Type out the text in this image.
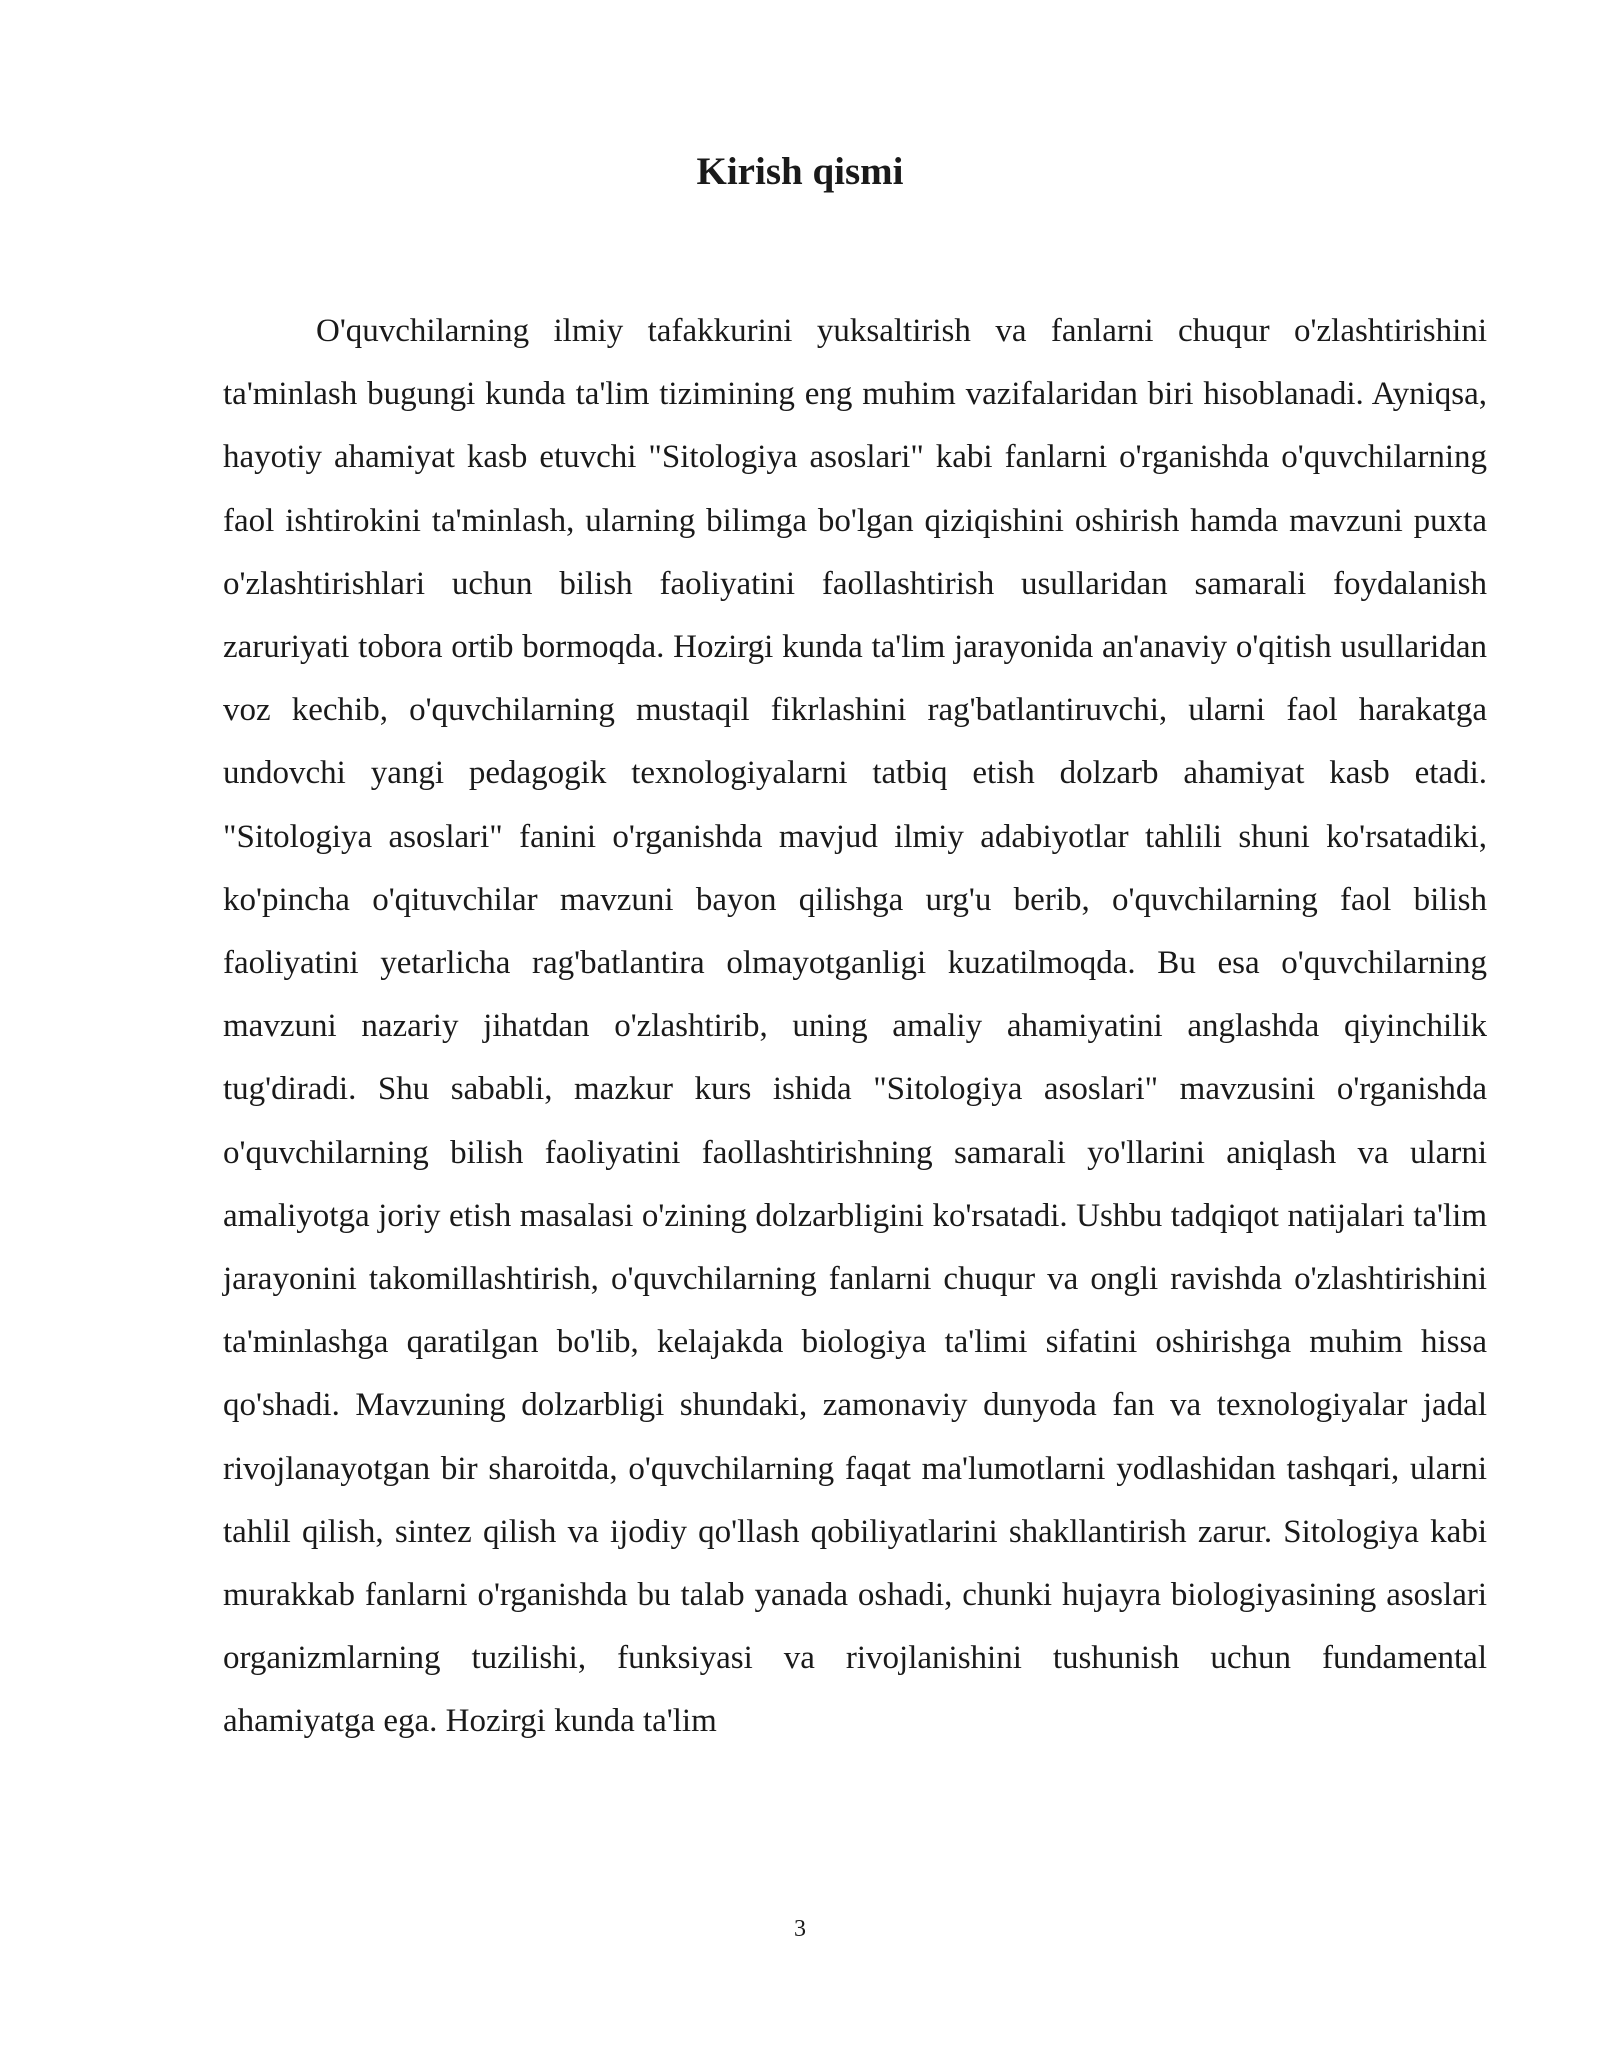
Kirish qismi

O'quvchilarning ilmiy tafakkurini yuksaltirish va fanlarni chuqur o'zlashtirishini ta'minlash bugungi kunda ta'lim tizimining eng muhim vazifalaridan biri hisoblanadi. Ayniqsa, hayotiy ahamiyat kasb etuvchi "Sitologiya asoslari" kabi fanlarni o'rganishda o'quvchilarning faol ishtirokini ta'minlash, ularning bilimga bo'lgan qiziqishini oshirish hamda mavzuni puxta o'zlashtirishlari uchun bilish faoliyatini faollashtirish usullaridan samarali foydalanish zaruriyati tobora ortib bormoqda. Hozirgi kunda ta'lim jarayonida an'anaviy o'qitish usullaridan voz kechib, o'quvchilarning mustaqil fikrlashini rag'batlantiruvchi, ularni faol harakatga undovchi yangi pedagogik texnologiyalarni tatbiq etish dolzarb ahamiyat kasb etadi. "Sitologiya asoslari" fanini o'rganishda mavjud ilmiy adabiyotlar tahlili shuni ko'rsatadiki, ko'pincha o'qituvchilar mavzuni bayon qilishga urg'u berib, o'quvchilarning faol bilish faoliyatini yetarlicha rag'batlantira olmayotganligi kuzatilmoqda. Bu esa o'quvchilarning mavzuni nazariy jihatdan o'zlashtirib, uning amaliy ahamiyatini anglashda qiyinchilik tug'diradi. Shu sababli, mazkur kurs ishida "Sitologiya asoslari" mavzusini o'rganishda o'quvchilarning bilish faoliyatini faollashtirishning samarali yo'llarini aniqlash va ularni amaliyotga joriy etish masalasi o'zining dolzarbligini ko'rsatadi. Ushbu tadqiqot natijalari ta'lim jarayonini takomillashtirish, o'quvchilarning fanlarni chuqur va ongli ravishda o'zlashtirishini ta'minlashga qaratilgan bo'lib, kelajakda biologiya ta'limi sifatini oshirishga muhim hissa qo'shadi. Mavzuning dolzarbligi shundaki, zamonaviy dunyoda fan va texnologiyalar jadal rivojlanayotgan bir sharoitda, o'quvchilarning faqat ma'lumotlarni yodlashidan tashqari, ularni tahlil qilish, sintez qilish va ijodiy qo'llash qobiliyatlarini shakllantirish zarur. Sitologiya kabi murakkab fanlarni o'rganishda bu talab yanada oshadi, chunki hujayra biologiyasining asoslari organizmlarning tuzilishi, funksiyasi va rivojlanishini tushunish uchun fundamental ahamiyatga ega. Hozirgi kunda ta'lim

3
